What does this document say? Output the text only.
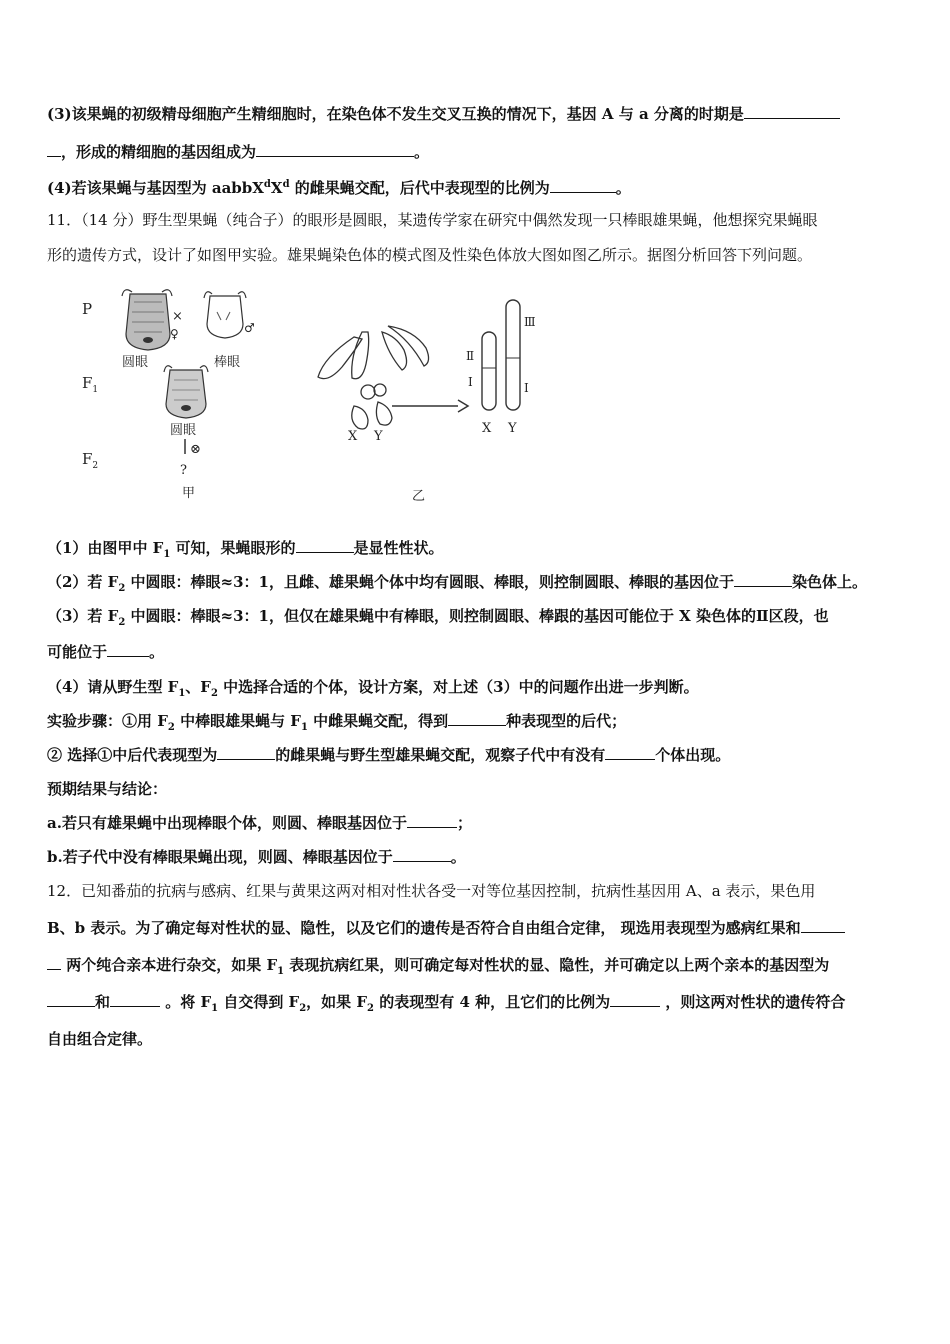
(3)该果蝇的初级精母细胞产生精细胞时，在染色体不发生交叉互换的情况下，基因 A 与 a 分离的时期是
，形成的精细胞的基因组成为	。
(4)若该果蝇与基因型为 $aabbX^dX^d$ 的雌果蝇交配，后代中表现型的比例为	。
11．（14 分）野生型果蝇（纯合子）的眼形是圆眼，某遗传学家在研究中偶然发现一只棒眼雄果蝇，他想探究果蝇眼
形的遗传方式，设计了如图甲实验。雄果蝇染色体的模式图及性染色体放大图如图乙所示。据图分析回答下列问题。
P
$F_1$
$F_2$
×
♀
圆眼
♂
棒眼
圆眼
⊗
?
甲
X Y
Ⅱ
Ⅰ
Ⅲ
Ⅰ
X Y
乙
（1）由图甲中 $F_1$ 可知，果蝇眼形的	是显性性状。
（2）若 $F_2$ 中圆眼：棒眼≈3：1，且雌、雄果蝇个体中均有圆眼、棒眼，则控制圆眼、棒眼的基因位于	染色体上。
（3）若 $F_2$ 中圆眼：棒眼≈3：1，但仅在雄果蝇中有棒眼，则控制圆眼、棒跟的基因可能位于 X 染色体的Ⅱ区段，也
可能位于	。
（4）请从野生型 $F_1$、$F_2$ 中选择合适的个体，设计方案，对上述（3）中的问题作出进一步判断。
实验步骤：①用 $F_2$ 中棒眼雄果蝇与 $F_1$ 中雌果蝇交配，得到	种表现型的后代；
② 选择①中后代表现型为	的雌果蝇与野生型雄果蝇交配，观察子代中有没有	个体出现。
预期结果与结论：
a.若只有雄果蝇中出现棒眼个体，则圆、棒眼基因位于	；
b.若子代中没有棒眼果蝇出现，则圆、棒眼基因位于	。
12．已知番茄的抗病与感病、红果与黄果这两对相对性状各受一对等位基因控制，抗病性基因用 A、a 表示，果色用
B、b 表示。为了确定每对性状的显、隐性，以及它们的遗传是否符合自由组合定律， 现选用表现型为感病红果和
两个纯合亲本进行杂交，如果 $F_1$ 表现抗病红果，则可确定每对性状的显、隐性，并可确定以上两个亲本的基因型为
和	。将 $F_1$ 自交得到 $F_2$，如果 $F_2$ 的表现型有 4 种，且它们的比例为	，则这两对性状的遗传符合
自由组合定律。
